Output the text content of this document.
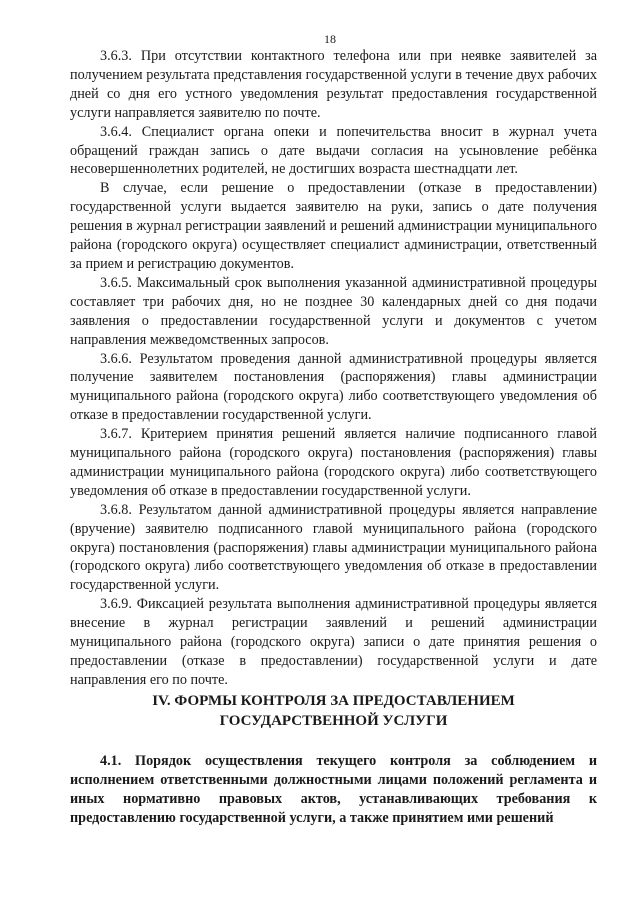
18

3.6.3. При отсутствии контактного телефона или при неявке заявителей за получением результата представления государственной услуги в течение двух рабочих дней со дня его устного уведомления результат предоставления государственной услуги направляется заявителю по почте.

3.6.4. Специалист органа опеки и попечительства вносит в журнал учета обращений граждан запись о дате выдачи согласия на усыновление ребёнка несовершеннолетних родителей, не достигших возраста шестнадцати лет.

В случае, если решение о предоставлении (отказе в предоставлении) государственной услуги выдается заявителю на руки, запись о дате получения решения в журнал регистрации заявлений и решений администрации муниципального района (городского округа) осуществляет специалист администрации, ответственный за прием и регистрацию документов.

3.6.5. Максимальный срок выполнения указанной административной процедуры составляет три рабочих дня, но не позднее 30 календарных дней со дня подачи заявления о предоставлении государственной услуги и документов с учетом направления межведомственных запросов.

3.6.6. Результатом проведения данной административной процедуры является получение заявителем постановления (распоряжения) главы администрации муниципального района (городского округа) либо соответствующего уведомления об отказе в предоставлении государственной услуги.

3.6.7. Критерием принятия решений является наличие подписанного главой муниципального района (городского округа) постановления (распоряжения) главы администрации муниципального района (городского округа) либо соответствующего уведомления об отказе в предоставлении государственной услуги.

3.6.8. Результатом данной административной процедуры является направление (вручение) заявителю подписанного главой муниципального района (городского округа) постановления (распоряжения) главы администрации муниципального района (городского округа) либо соответствующего уведомления об отказе в предоставлении государственной услуги.

3.6.9. Фиксацией результата выполнения административной процедуры является внесение в журнал регистрации заявлений и решений администрации муниципального района (городского округа) записи о дате принятия решения о предоставлении (отказе в предоставлении) государственной услуги и дате направления его по почте.

IV. ФОРМЫ КОНТРОЛЯ ЗА ПРЕДОСТАВЛЕНИЕМ
ГОСУДАРСТВЕННОЙ УСЛУГИ

4.1. Порядок осуществления текущего контроля за соблюдением и исполнением ответственными должностными лицами положений регламента и иных нормативно правовых актов, устанавливающих требования к предоставлению государственной услуги, а также принятием ими решений
